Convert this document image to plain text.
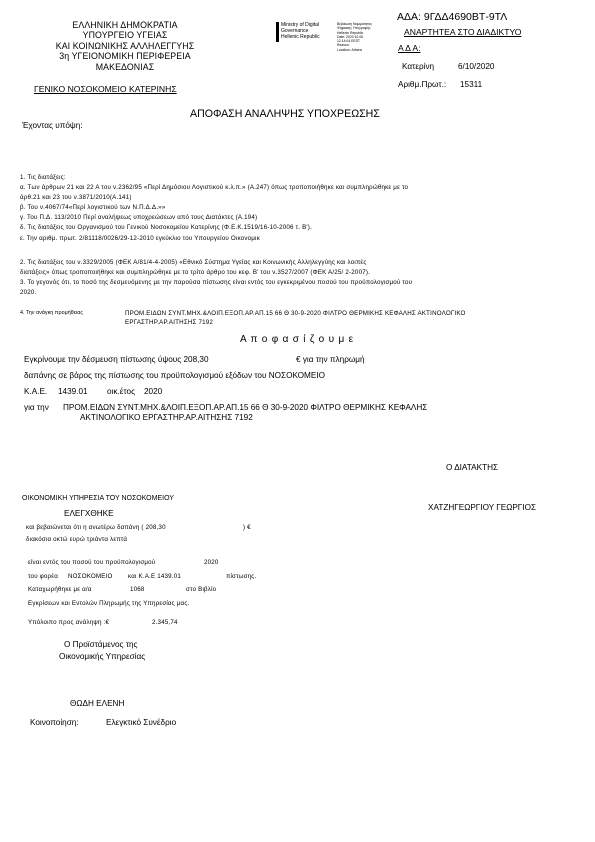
ΕΛΛΗΝΙΚΗ ΔΗΜΟΚΡΑΤΙΑ
ΥΠΟΥΡΓΕΙΟ ΥΓΕΙΑΣ
ΚΑΙ ΚΟΙΝΩΝΙΚΗΣ ΑΛΛΗΛΕΓΓΥΗΣ
3η ΥΓΕΙΟΝΟΜΙΚΗ ΠΕΡΙΦΕΡΕΙΑ
ΜΑΚΕΔΟΝΙΑΣ
ΓΕΝΙΚΟ ΝΟΣΟΚΟΜΕΙΟ ΚΑΤΕΡΙΝΗΣ
Ministry of Digital
Governance
Hellenic Republic
Βεβαίωση Νομιμότητας
Ψηφιακής Υπογραφής
Hellenic Republic
Date: 2020.10.06
12:14:04 EEST
Reason:
Location: Athens
ΑΔΑ: 9ΓΔΔ4690ΒΤ-9ΤΛ
ΑΝΑΡΤΗΤΕΑ ΣΤΟ ΔΙΑΔΙΚΤΥΟ
Α Δ Α:
Κατερίνη	6/10/2020
Αριθμ.Πρωτ.: 15311
ΑΠΟΦΑΣΗ ΑΝΑΛΗΨΗΣ ΥΠΟΧΡΕΩΣΗΣ
Έχοντας υπόψη:
1. Τις διατάξεις:
α. Των άρθρων 21 και 22 Α του ν.2362/95 «Περί Δημόσιου Λογιστικού κ.λ.π.» (Α.247) όπως τροποποιήθηκε και συμπληρώθηκε με το
άρθ.21 και 23 του ν.3871/2010(Α.141)
β. Του ν.4067/74«Περί λογιστικού των Ν.Π.Δ.Δ.»»
γ. Του Π.Δ. 113/2010 Περί αναλήψεως υποχρεώσεων από τους Διατάκτες (Α.194)
δ. Τις διατάξεις του Οργανισμού του Γενικού Νοσοκομείου Κατερίνης (Φ.Ε.Κ.1519/16-10-2006 τ. Β').
ε. Την αριθμ. πρωτ. 2/81118/0026/29-12-2010 εγκύκλιο του Υπουργείου Οικονομικ
2. Τις διατάξεις του ν.3329/2005 (ΦΕΚ Α/81/4-4-2005) «Εθνικό Σύστημα Υγείας και Κοινωνικής Αλληλεγγύης και λοιπές
διατάξεις» όπως τροποποιήθηκε και συμπληρώθηκε με το τρίτο άρθρο του κεφ. Β' του ν.3527/2007 (ΦΕΚ Α/25/ 2-2007).
3. Το γεγονός ότι, το ποσό της δεσμευόμενης με την παρούσα πίστωσης είναι εντός του εγκεκριμένου ποσού του προϋπολογισμού του
2020.
4. Την ανάγκη προμήθειας	ΠΡΟΜ.ΕΙΔΩΝ ΣΥΝΤ.ΜΗΧ.&ΛΟΙΠ.ΕΞΟΠ.ΑΡ.ΑΠ.15 66 Θ 30-9-2020 ΦΙΛΤΡΟ ΘΕΡΜΙΚΗΣ ΚΕΦΑΛΗΣ ΑΚΤΙΝΟΛΟΓΙΚΟ
ΕΡΓΑΣΤΗΡ.ΑΡ.ΑΙΤΗΣΗΣ 7192
Α π ο φ α σ ί ζ ο υ μ ε
Εγκρίνουμε την δέσμευση πίστωσης ύψους 208,30	€ για την πληρωμή
δαπάνης σε βάρος της πίστωσης του προϋπολογισμού εξόδων του ΝΟΣΟΚΟΜΕΙΟ
Κ.Α.Ε. 1439.01 οικ.έτος 2020
για την ΠΡΟΜ.ΕΙΔΩΝ ΣΥΝΤ.ΜΗΧ.&ΛΟΙΠ.ΕΞΟΠ.ΑΡ.ΑΠ.15 66 Θ 30-9-2020 ΦΙΛΤΡΟ ΘΕΡΜΙΚΗΣ ΚΕΦΑΛΗΣ
ΑΚΤΙΝΟΛΟΓΙΚΟ ΕΡΓΑΣΤΗΡ.ΑΡ.ΑΙΤΗΣΗΣ 7192
Ο ΔΙΑΤΑΚΤΗΣ
ΧΑΤΖΗΓΕΩΡΓΙΟΥ ΓΕΩΡΓΙΟΣ
ΟΙΚΟΝΟΜΙΚΗ ΥΠΗΡΕΣΙΑ ΤΟΥ ΝΟΣΟΚΟΜΕΙΟΥ
ΕΛΕΓΧΘΗΚΕ
και βεβαιώνεται ότι η ανωτέρω δαπάνη ( 208,30	) €
διακόσια οκτώ ευρώ τριάντα λεπτά
είναι εντός του ποσού του προϋπολογισμού	2020
του φορέα ΝΟΣΟΚΟΜΕΙΟ	και Κ.Α.Ε 1439.01	πίστωσης.
Καταχωρήθηκε με α/α	1068	στο Βιβλίο
Εγκρίσεων και Εντολών Πληρωμής της Υπηρεσίας μας.
Υπόλοιπο προς ανάληψη :€	2.345,74
Ο Προϊστάμενος της
Οικονομικής Υπηρεσίας
ΘΩΔΗ ΕΛΕΝΗ
Κοινοποίηση:	Ελεγκτικό Συνέδριο
